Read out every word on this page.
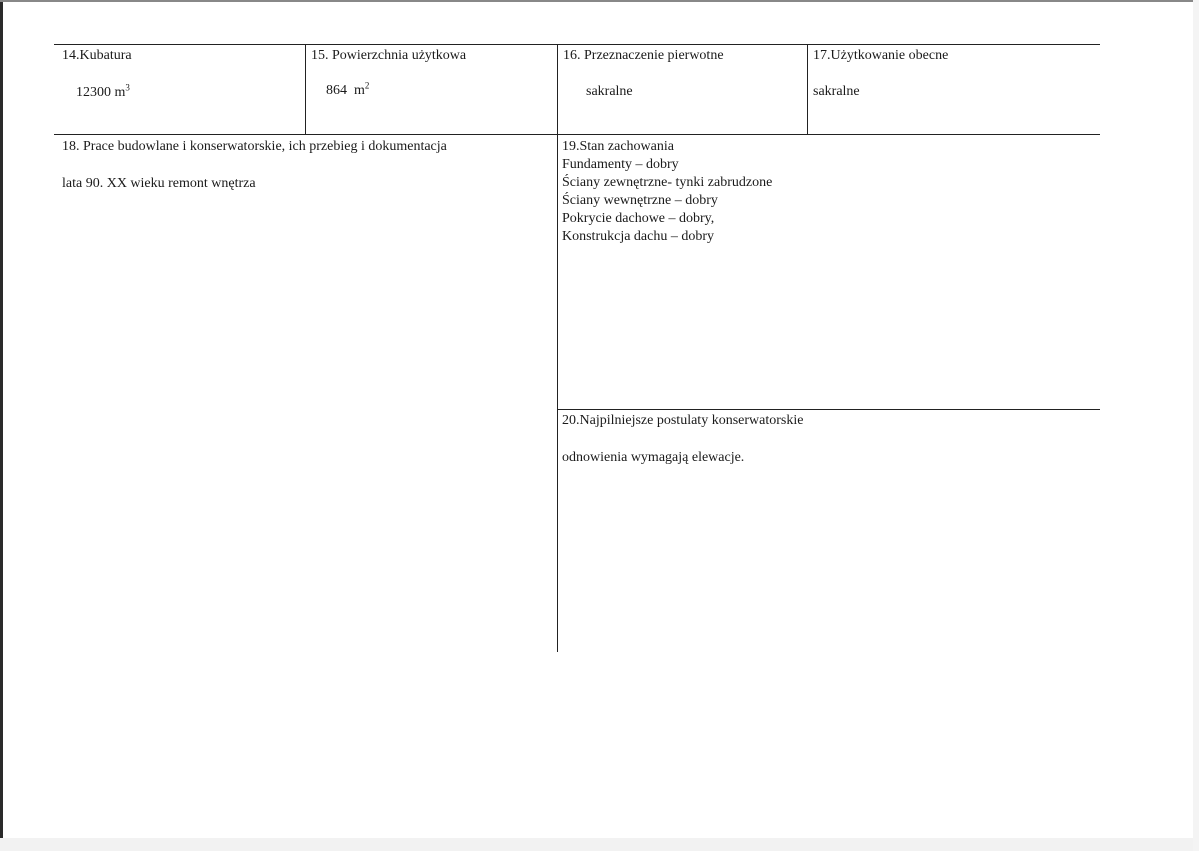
14.Kubatura
12300 $m^3$
15. Powierzchnia użytkowa
864  $m^2$
16. Przeznaczenie pierwotne
sakralne
17.Użytkowanie obecne
sakralne
18. Prace budowlane i konserwatorskie, ich przebieg i dokumentacja
lata 90. XX wieku remont wnętrza
19.Stan zachowania
Fundamenty – dobry
Ściany zewnętrzne- tynki zabrudzone
Ściany wewnętrzne – dobry
Pokrycie dachowe – dobry,
Konstrukcja dachu – dobry
20.Najpilniejsze postulaty konserwatorskie
odnowienia wymagają elewacje.
